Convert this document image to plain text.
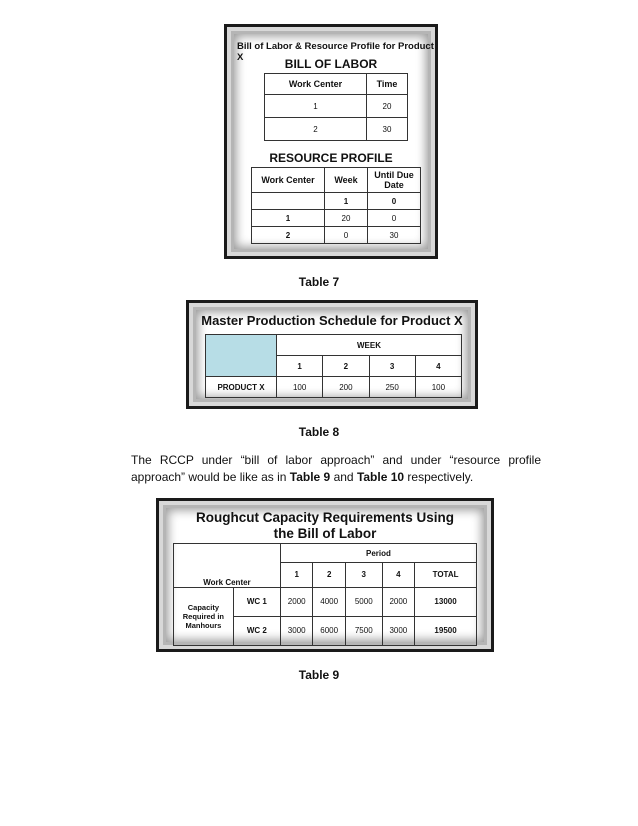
Bill of Labor & Resource Profile for Product X	BILL OF LABOR
Work Center	Time
1	20
2	30
RESOURCE PROFILE
Work Center	Week	Until Due Date
	1	0
1	20	0
2	0	30
Table 7
Master Production Schedule for Product X
	WEEK			
	1	2	3	4
PRODUCT X	100	200	250	100
Table 8
The RCCP under “bill of labor approach” and under “resource profile approach” would be like as in Table 9 and Table 10 respectively.
Roughcut Capacity Requirements Using
the Bill of Labor
		Period				
Work Center		1	2	3	4	TOTAL
Capacity Required in Manhours	WC 1	2000	4000	5000	2000	13000
	WC 2	3000	6000	7500	3000	19500
Table 9
